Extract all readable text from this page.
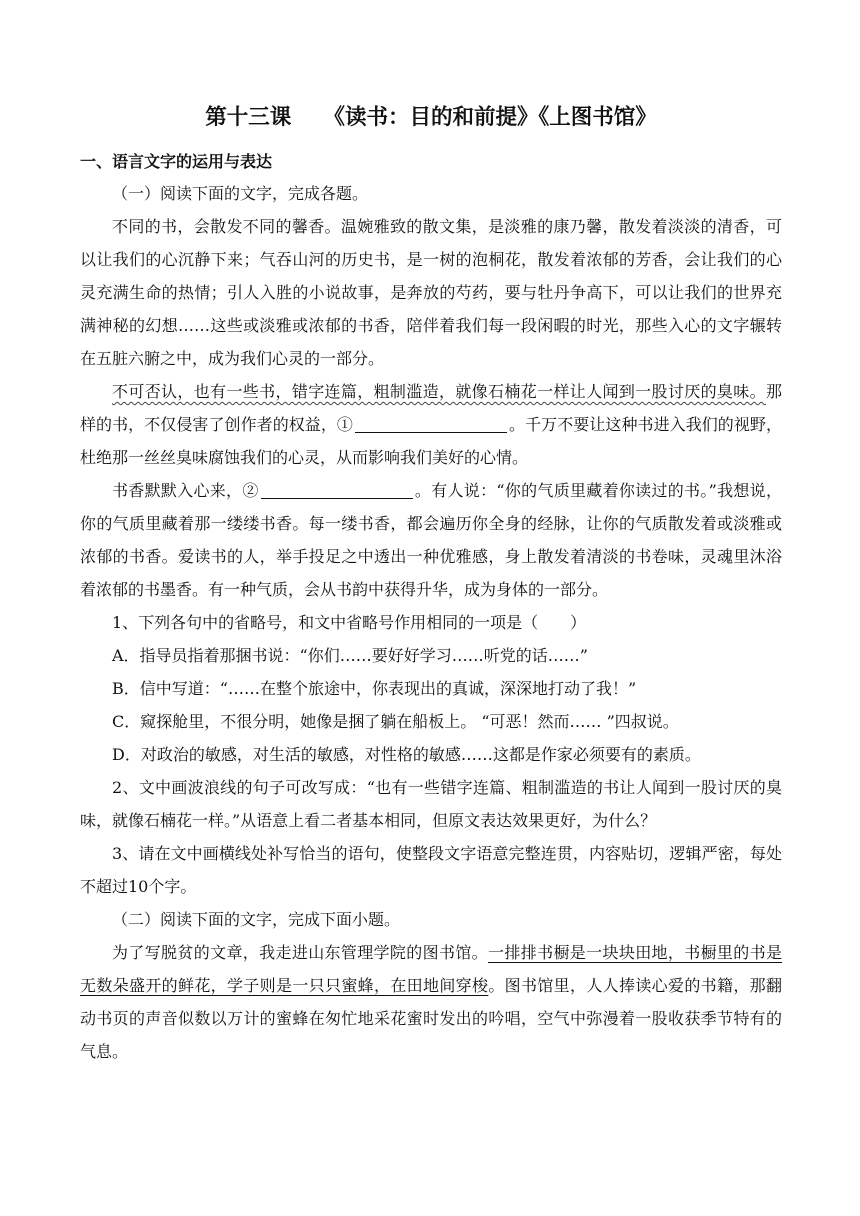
第十三课　　《读书：目的和前提》《上图书馆》
一、语言文字的运用与表达

（一）阅读下面的文字，完成各题。

不同的书，会散发不同的馨香。温婉雅致的散文集，是淡雅的康乃馨，散发着淡淡的清香，可以让我们的心沉静下来；气吞山河的历史书，是一树的泡桐花，散发着浓郁的芳香，会让我们的心灵充满生命的热情；引人入胜的小说故事，是奔放的芍药，要与牡丹争高下，可以让我们的世界充满神秘的幻想……这些或淡雅或浓郁的书香，陪伴着我们每一段闲暇的时光，那些入心的文字辗转在五脏六腑之中，成为我们心灵的一部分。

不可否认，也有一些书，错字连篇，粗制滥造，就像石楠花一样让人闻到一股讨厌的臭味。那样的书，不仅侵害了创作者的权益，①	。千万不要让这种书进入我们的视野，杜绝那一丝丝臭味腐蚀我们的心灵，从而影响我们美好的心情。

书香默默入心来，②	。有人说：“你的气质里藏着你读过的书。”我想说，你的气质里藏着那一缕缕书香。每一缕书香，都会遍历你全身的经脉，让你的气质散发着或淡雅或浓郁的书香。爱读书的人，举手投足之中透出一种优雅感，身上散发着清淡的书卷味，灵魂里沐浴着浓郁的书墨香。有一种气质，会从书韵中获得升华，成为身体的一部分。

1、下列各句中的省略号，和文中省略号作用相同的一项是（　　）

A．指导员指着那捆书说：“你们……要好好学习……听党的话……”

B．信中写道：“……在整个旅途中，你表现出的真诚，深深地打动了我！”

C．窥探舱里，不很分明，她像是捆了躺在船板上。 “可恶！然而…… ”四叔说。

D．对政治的敏感，对生活的敏感，对性格的敏感……这都是作家必须要有的素质。

2、文中画波浪线的句子可改写成：“也有一些错字连篇、粗制滥造的书让人闻到一股讨厌的臭味，就像石楠花一样。”从语意上看二者基本相同，但原文表达效果更好，为什么？

3、请在文中画横线处补写恰当的语句，使整段文字语意完整连贯，内容贴切，逻辑严密，每处不超过10个字。

（二）阅读下面的文字，完成下面小题。

为了写脱贫的文章，我走进山东管理学院的图书馆。一排排书橱是一块块田地，书橱里的书是无数朵盛开的鲜花，学子则是一只只蜜蜂，在田地间穿梭。图书馆里，人人捧读心爱的书籍，那翻动书页的声音似数以万计的蜜蜂在匆忙地采花蜜时发出的吟唱，空气中弥漫着一股收获季节特有的气息。
